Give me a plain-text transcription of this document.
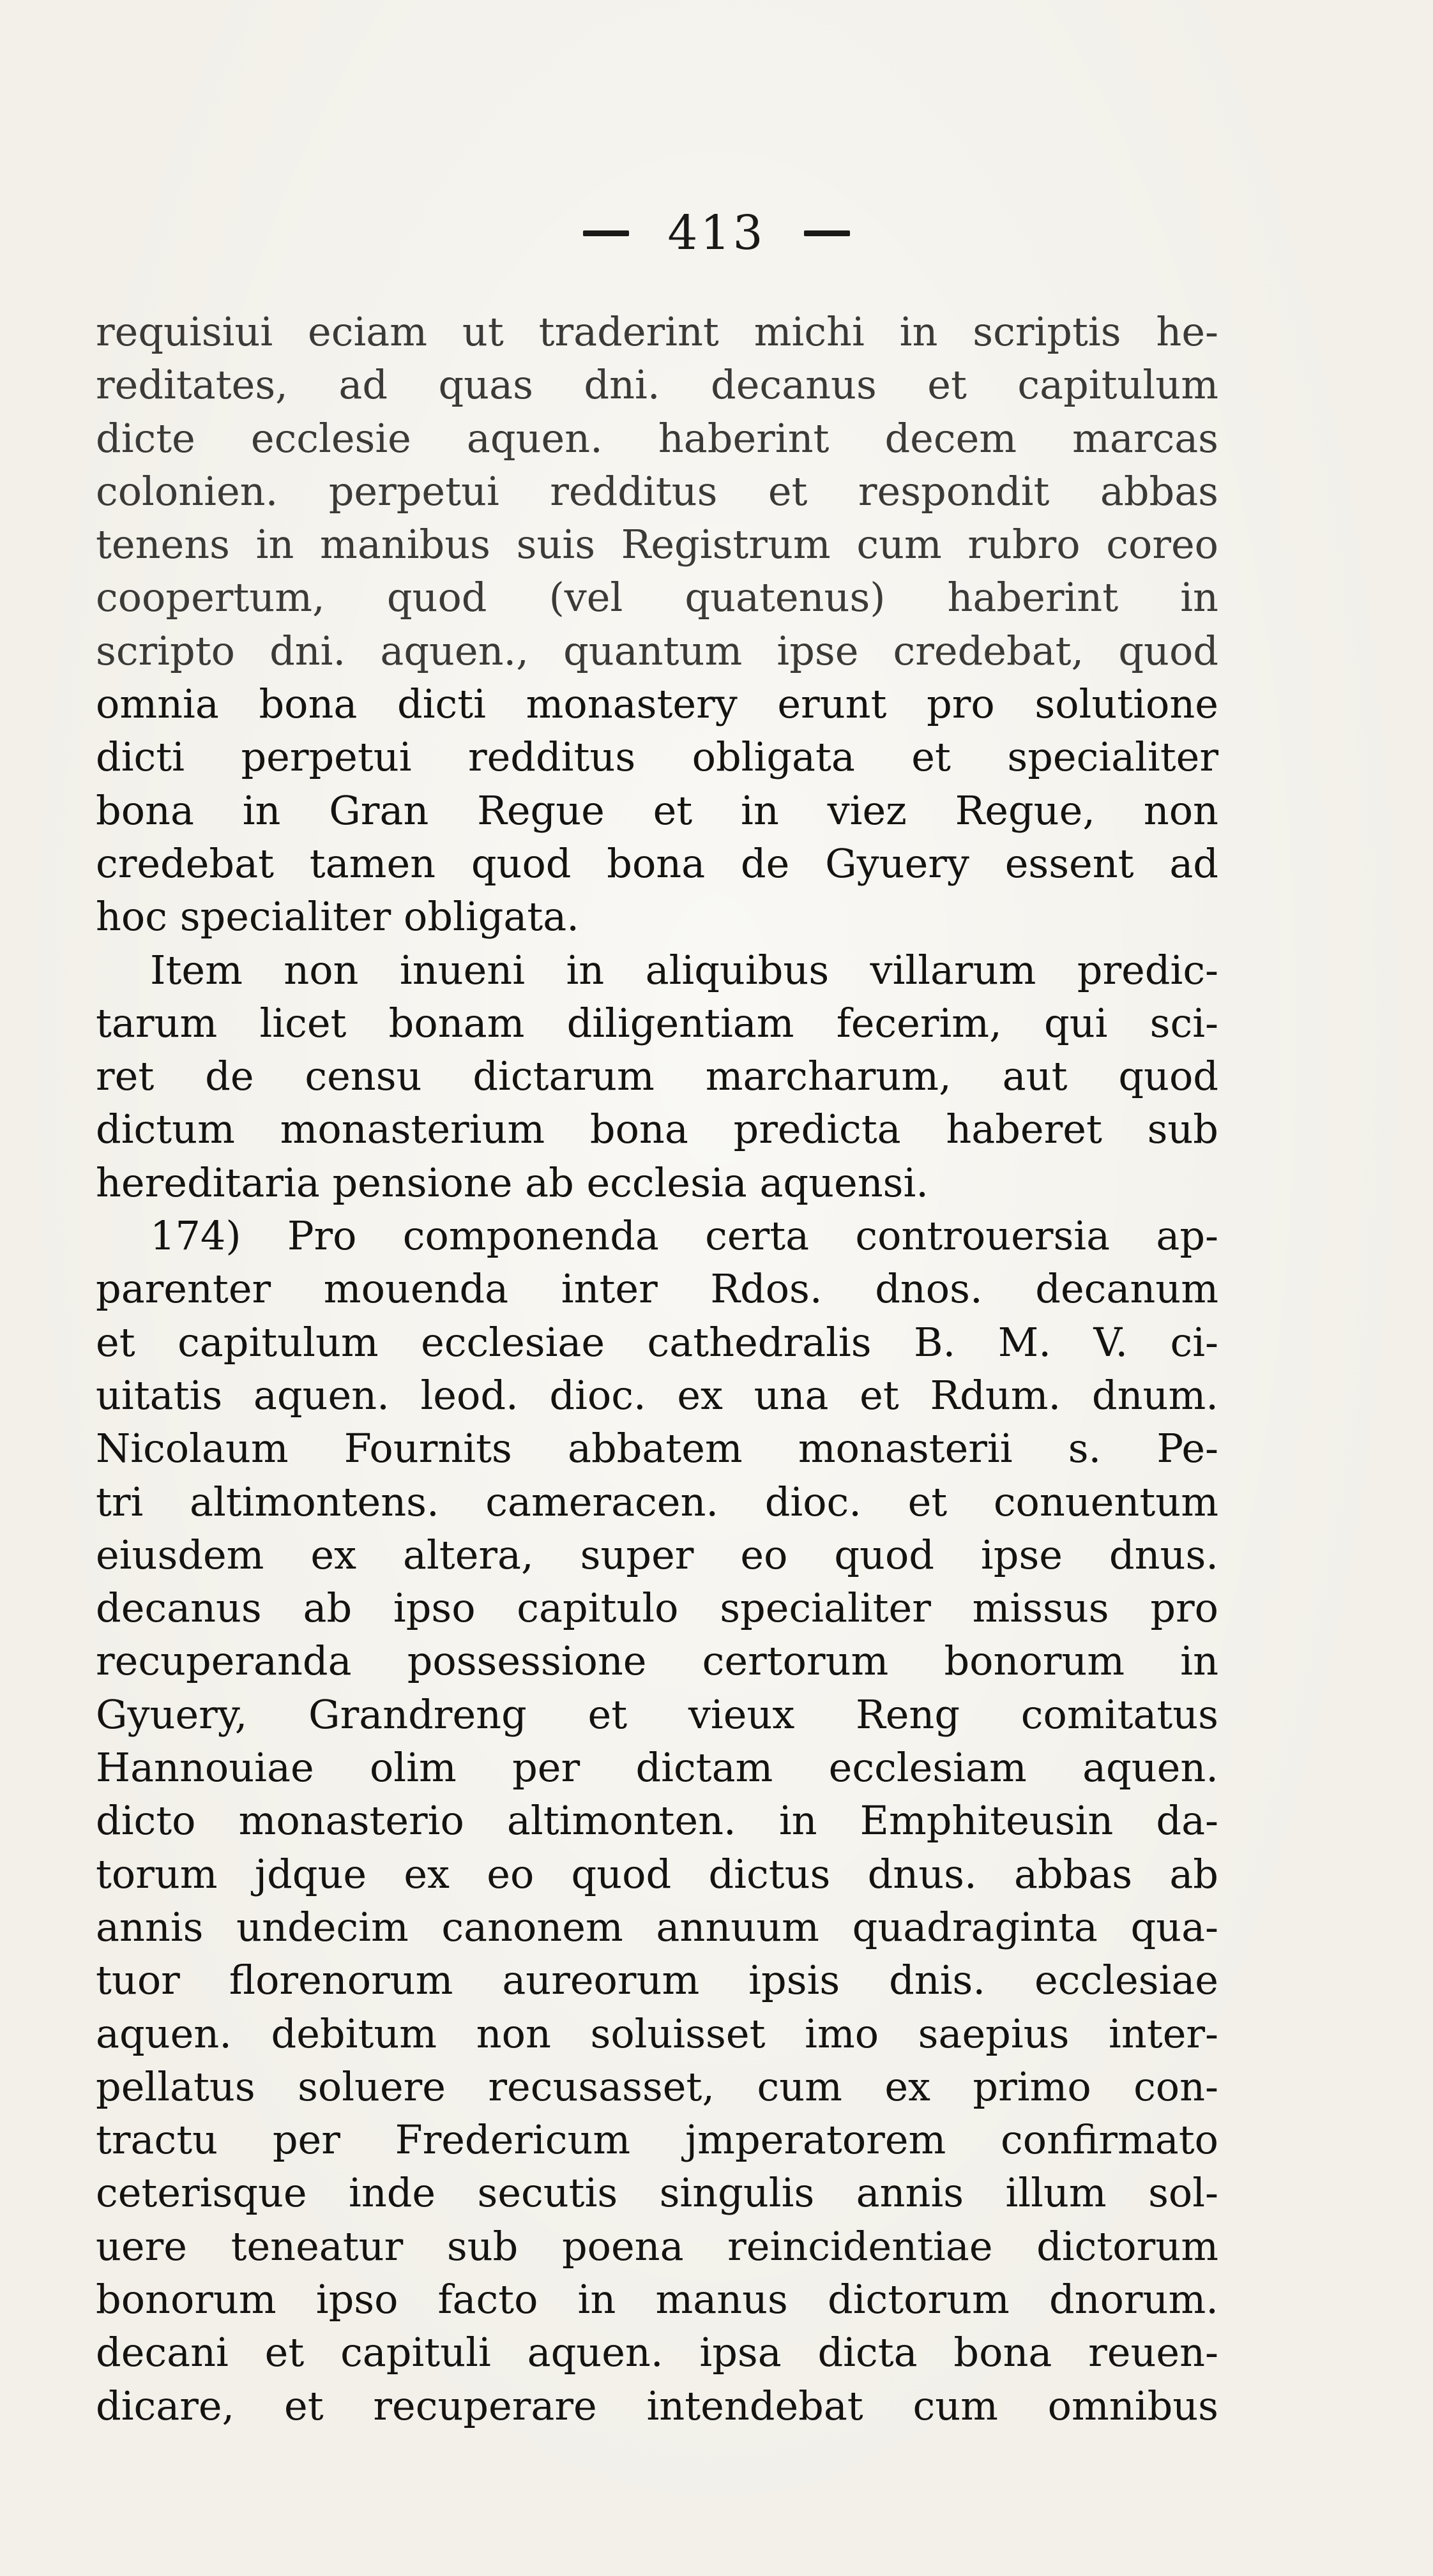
413
requisiui eciam ut traderint michi in scriptis he-
reditates, ad quas dni. decanus et capitulum
dicte ecclesie aquen. haberint decem marcas
colonien. perpetui redditus et respondit abbas
tenens in manibus suis Registrum cum rubro coreo
coopertum, quod (vel quatenus) haberint in
scripto dni. aquen., quantum ipse credebat, quod
omnia bona dicti monastery erunt pro solutione
dicti perpetui redditus obligata et specialiter
bona in Gran Regue et in viez Regue, non
credebat tamen quod bona de Gyuery essent ad
hoc specialiter obligata.
Item non inueni in aliquibus villarum predic-
tarum licet bonam diligentiam fecerim, qui sci-
ret de censu dictarum marcharum, aut quod
dictum monasterium bona predicta haberet sub
hereditaria pensione ab ecclesia aquensi.
174) Pro componenda certa controuersia ap-
parenter mouenda inter Rdos. dnos. decanum
et capitulum ecclesiae cathedralis B. M. V. ci-
uitatis aquen. leod. dioc. ex una et Rdum. dnum.
Nicolaum Fournits abbatem monasterii s. Pe-
tri altimontens. cameracen. dioc. et conuentum
eiusdem ex altera, super eo quod ipse dnus.
decanus ab ipso capitulo specialiter missus pro
recuperanda possessione certorum bonorum in
Gyuery, Grandreng et vieux Reng comitatus
Hannouiae olim per dictam ecclesiam aquen.
dicto monasterio altimonten. in Emphiteusin da-
torum jdque ex eo quod dictus dnus. abbas ab
annis undecim canonem annuum quadraginta qua-
tuor florenorum aureorum ipsis dnis. ecclesiae
aquen. debitum non soluisset imo saepius inter-
pellatus soluere recusasset, cum ex primo con-
tractu per Fredericum jmperatorem confirmato
ceterisque inde secutis singulis annis illum sol-
uere teneatur sub poena reincidentiae dictorum
bonorum ipso facto in manus dictorum dnorum.
decani et capituli aquen. ipsa dicta bona reuen-
dicare, et recuperare intendebat cum omnibus
